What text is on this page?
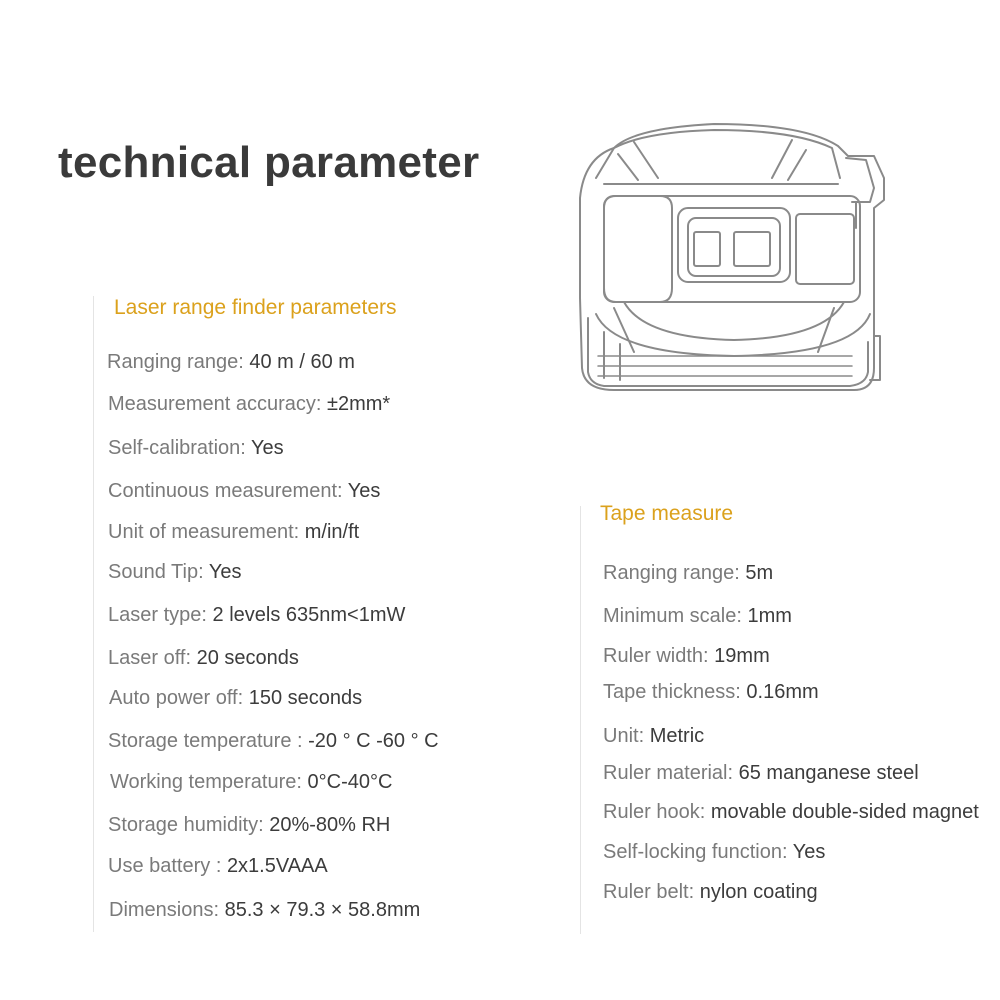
technical parameter
Laser range finder parameters
Tape measure
Ranging range: 40 m / 60 m
Measurement accuracy: ±2mm*
Self-calibration: Yes
Continuous measurement: Yes
Unit of measurement: m/in/ft
Sound Tip: Yes
Laser type: 2 levels 635nm<1mW
Laser off: 20 seconds
Auto power off: 150 seconds
Storage temperature : -20 ° C -60 ° C
Working temperature: 0°C-40°C
Storage humidity: 20%-80% RH
Use battery : 2x1.5VAAA
Dimensions: 85.3 × 79.3 × 58.8mm
Ranging range: 5m
Minimum scale: 1mm
Ruler width: 19mm
Tape thickness: 0.16mm
Unit: Metric
Ruler material: 65 manganese steel
Ruler hook: movable double-sided magnet
Self-locking function: Yes
Ruler belt: nylon coating
